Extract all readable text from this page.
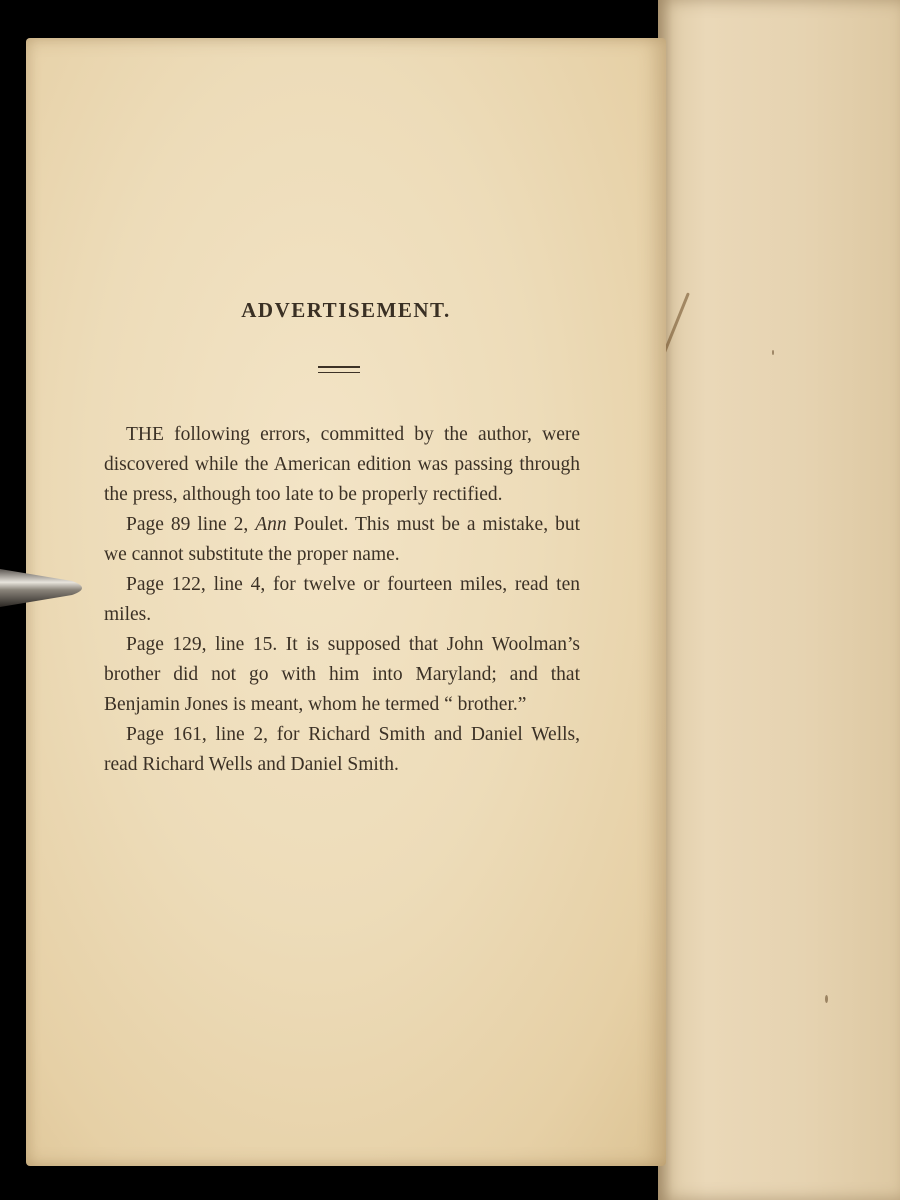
ADVERTISEMENT.

THE following errors, committed by the author, were discovered while the American edition was passing through the press, although too late to be properly rectified.

Page 89 line 2, Ann Poulet. This must be a mistake, but we cannot substitute the proper name.

Page 122, line 4, for twelve or fourteen miles, read ten miles.

Page 129, line 15. It is supposed that John Woolman’s brother did not go with him into Maryland; and that Benjamin Jones is meant, whom he termed “ brother.”

Page 161, line 2, for Richard Smith and Daniel Wells, read Richard Wells and Daniel Smith.
